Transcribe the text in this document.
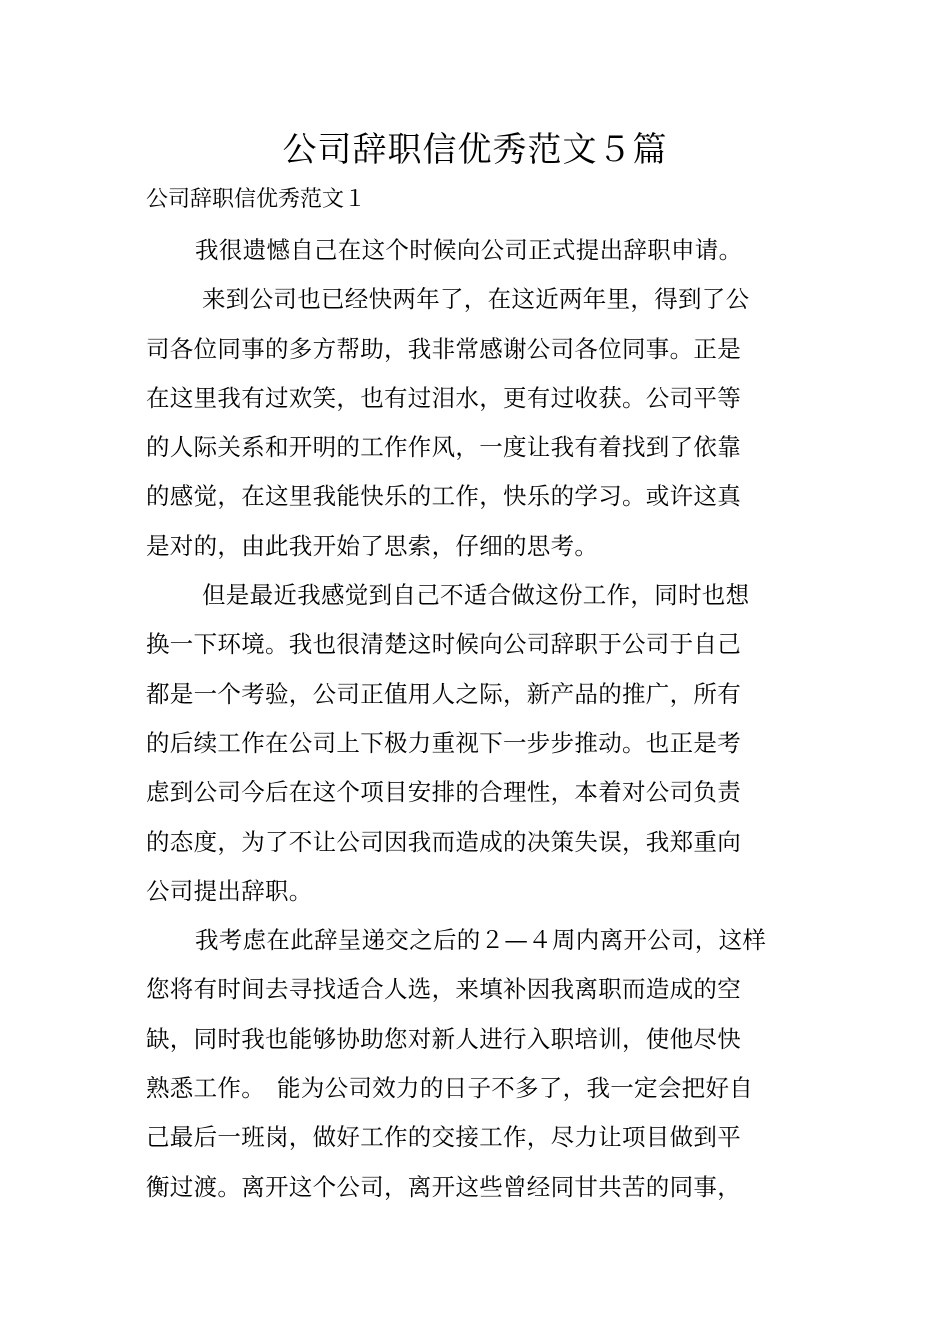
公司辞职信优秀范文５篇

公司辞职信优秀范文１

我很遗憾自己在这个时候向公司正式提出辞职申请。
来到公司也已经快两年了，在这近两年里，得到了公
司各位同事的多方帮助，我非常感谢公司各位同事。正是
在这里我有过欢笑，也有过泪水，更有过收获。公司平等
的人际关系和开明的工作作风，一度让我有着找到了依靠
的感觉，在这里我能快乐的工作，快乐的学习。或许这真
是对的，由此我开始了思索，仔细的思考。
但是最近我感觉到自己不适合做这份工作，同时也想
换一下环境。我也很清楚这时候向公司辞职于公司于自己
都是一个考验，公司正值用人之际，新产品的推广，所有
的后续工作在公司上下极力重视下一步步推动。也正是考
虑到公司今后在这个项目安排的合理性，本着对公司负责
的态度，为了不让公司因我而造成的决策失误，我郑重向
公司提出辞职。
我考虑在此辞呈递交之后的２—４周内离开公司，这样
您将有时间去寻找适合人选，来填补因我离职而造成的空
缺，同时我也能够协助您对新人进行入职培训，使他尽快
熟悉工作。　能为公司效力的日子不多了，我一定会把好自
己最后一班岗，做好工作的交接工作，尽力让项目做到平
衡过渡。离开这个公司，离开这些曾经同甘共苦的同事，
